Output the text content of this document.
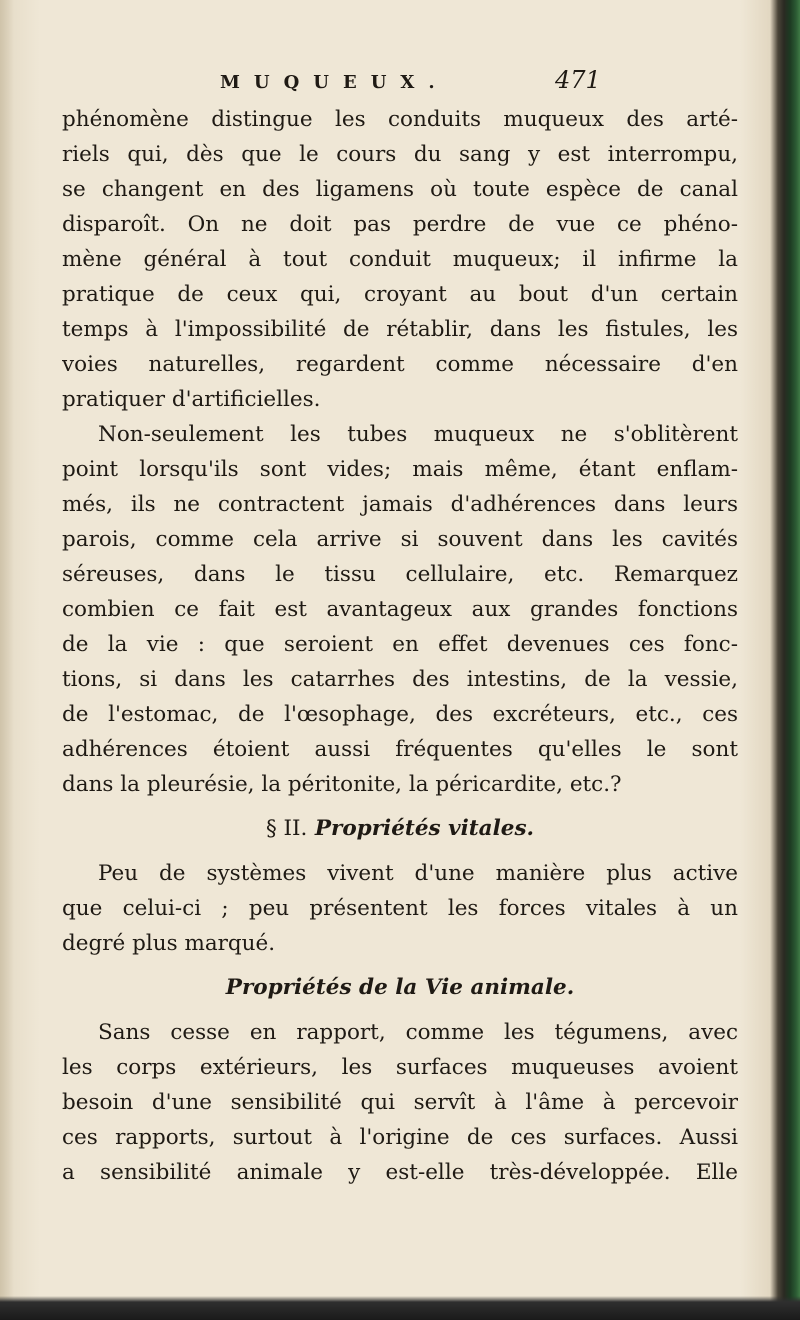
MUQUEUX.	471
phénomène distingue les conduits muqueux des arté-
riels qui, dès que le cours du sang y est interrompu,
se changent en des ligamens où toute espèce de canal
disparoît. On ne doit pas perdre de vue ce phéno-
mène général à tout conduit muqueux; il infirme la
pratique de ceux qui, croyant au bout d'un certain
temps à l'impossibilité de rétablir, dans les fistules, les
voies naturelles, regardent comme nécessaire d'en
pratiquer d'artificielles.
Non-seulement les tubes muqueux ne s'oblitèrent
point lorsqu'ils sont vides; mais même, étant enflam-
més, ils ne contractent jamais d'adhérences dans leurs
parois, comme cela arrive si souvent dans les cavités
séreuses, dans le tissu cellulaire, etc. Remarquez
combien ce fait est avantageux aux grandes fonctions
de la vie : que seroient en effet devenues ces fonc-
tions, si dans les catarrhes des intestins, de la vessie,
de l'estomac, de l'œsophage, des excréteurs, etc., ces
adhérences étoient aussi fréquentes qu'elles le sont
dans la pleurésie, la péritonite, la péricardite, etc.?
§ II. Propriétés vitales.
Peu de systèmes vivent d'une manière plus active
que celui-ci ; peu présentent les forces vitales à un
degré plus marqué.
Propriétés de la Vie animale.
Sans cesse en rapport, comme les tégumens, avec
les corps extérieurs, les surfaces muqueuses avoient
besoin d'une sensibilité qui servît à l'âme à percevoir
ces rapports, surtout à l'origine de ces surfaces. Aussi
a sensibilité animale y est-elle très-développée. Elle
